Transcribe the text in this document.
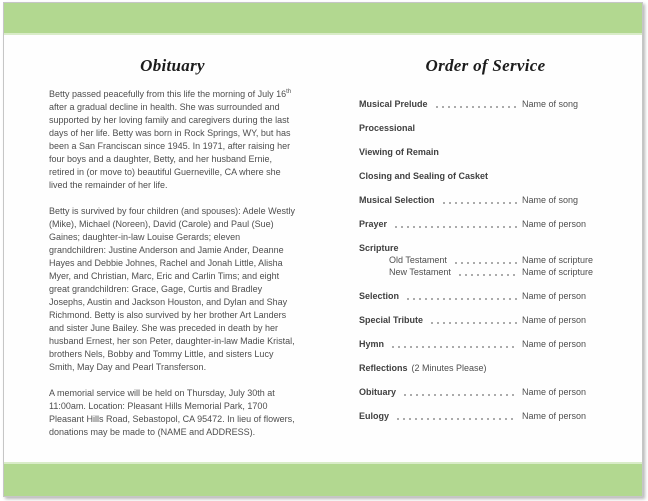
Obituary

Betty passed peacefully from this life the morning of July 16th after a gradual decline in health. She was surrounded and supported by her loving family and caregivers during the last days of her life. Betty was born in Rock Springs, WY, but has been a San Franciscan since 1945. In 1971, after raising her four boys and a daughter, Betty, and her husband Ernie, retired in (or move to) beautiful Guerneville, CA where she lived the remainder of her life.

Betty is survived by four children (and spouses): Adele Westly (Mike), Michael (Noreen), David (Carole) and Paul (Sue) Gaines; daughter-in-law Louise Gerards; eleven grandchildren: Justine Anderson and Jamie Ander, Deanne Hayes and Debbie Johnes, Rachel and Jonah Little, Alisha Myer, and Christian, Marc, Eric and Carlin Tims; and eight great grandchildren: Grace, Gage, Curtis and Bradley Josephs, Austin and Jackson Houston, and Dylan and Shay Richmond. Betty is also survived by her brother Art Landers and sister June Bailey. She was preceded in death by her husband Ernest, her son Peter, daughter-in-law Madie Kristal, brothers Nels, Bobby and Tommy Little, and sisters Lucy Smith, May Day and Pearl Transferson.

A memorial service will be held on Thursday, July 30th at 11:00am. Location: Pleasant Hills Memorial Park, 1700 Pleasant Hills Road, Sebastopol, CA 95472. In lieu of flowers, donations may be made to (NAME and ADDRESS).

Order of Service
Musical Prelude	Name of song
Processional
Viewing of Remain
Closing and Sealing of Casket
Musical Selection	Name of song
Prayer	Name of person
Scripture
Old Testament	Name of scripture
New Testament	Name of scripture
Selection	Name of person
Special Tribute	Name of person
Hymn	Name of person
Reflections (2 Minutes Please)
Obituary	Name of person
Eulogy	Name of person
